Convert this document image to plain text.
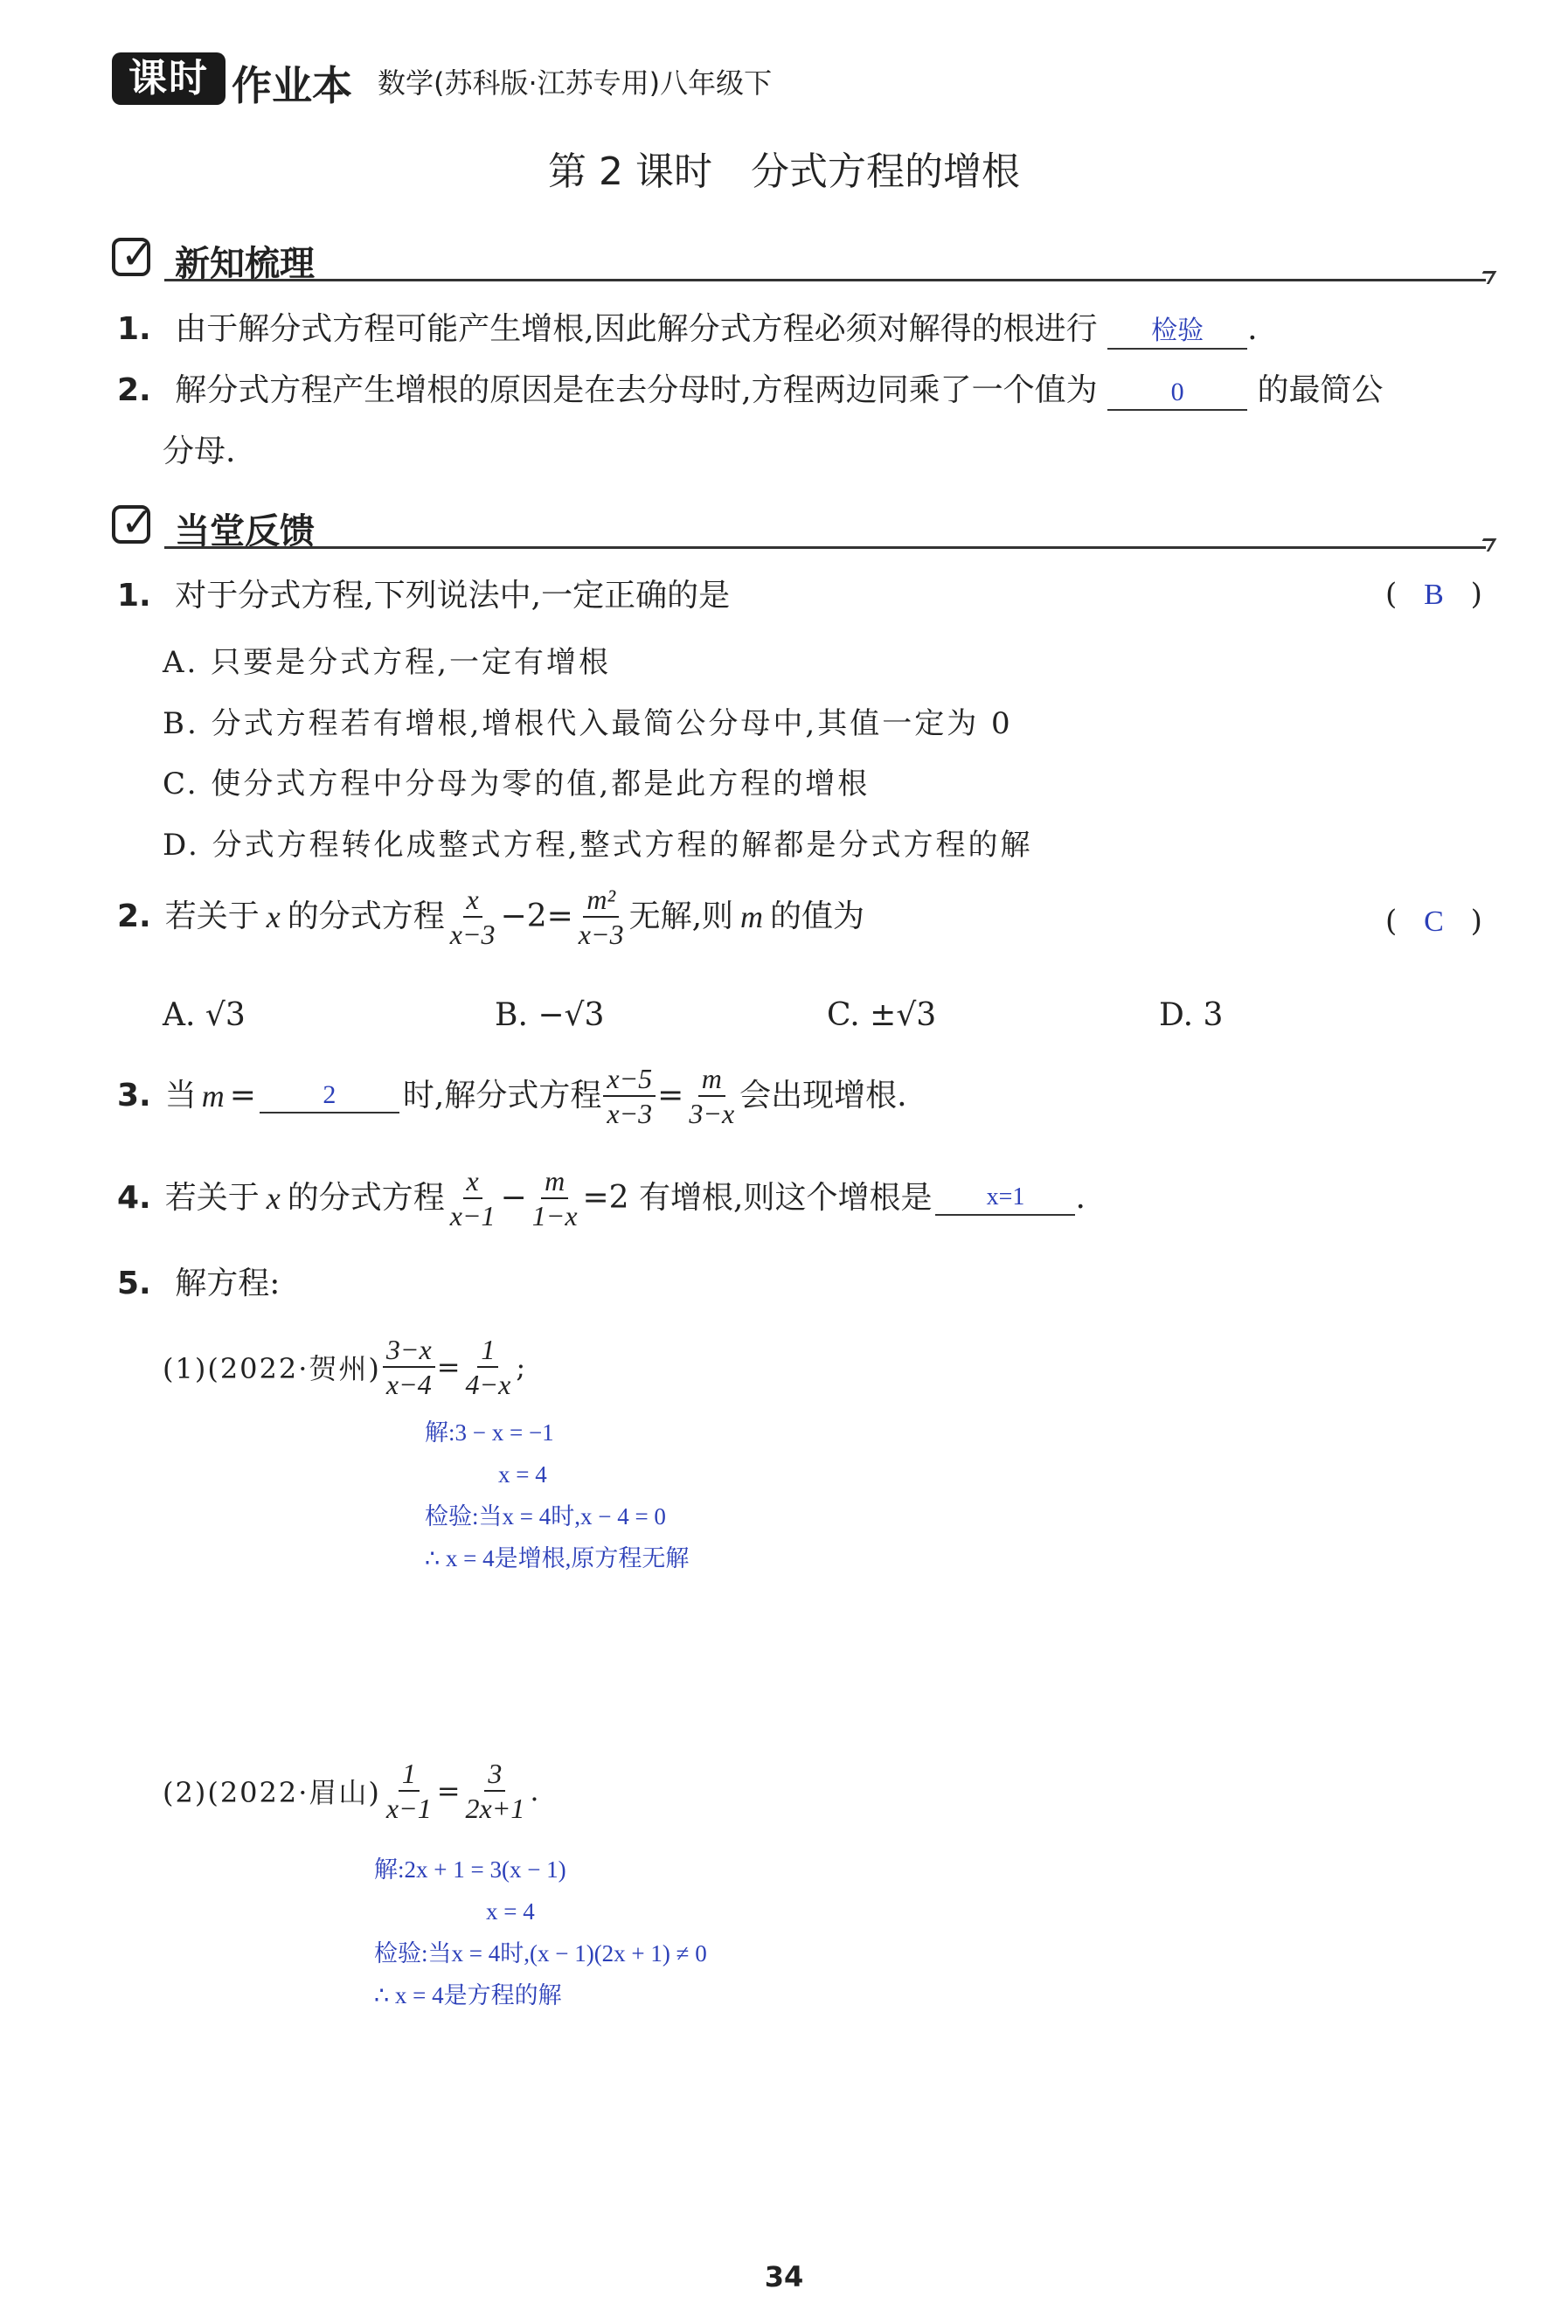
课时 作业本 数学(苏科版·江苏专用)八年级下
第 2 课时　分式方程的增根
✓ 新知梳理
1. 由于解分式方程可能产生增根,因此解分式方程必须对解得的根进行 检验 .
2. 解分式方程产生增根的原因是在去分母时,方程两边同乘了一个值为	0 的最简公
分母.
✓ 当堂反馈
1. 对于分式方程,下列说法中,一定正确的是	( B )
A. 只要是分式方程,一定有增根
B. 分式方程若有增根,增根代入最简公分母中,其值一定为 0
C. 使分式方程中分母为零的值,都是此方程的增根
D. 分式方程转化成整式方程,整式方程的解都是分式方程的解
2. 若关于 x 的分式方程 $\frac{x}{x-3} -2= \frac{\text{m²}}{x-3}$ 无解,则 m 的值为	( C )
A. √3	B. −√3	C. ±√3	D. 3
3. 当 m =	2	时,解分式方程 $\frac{x-5}{x-3} = \frac{m}{3-x}$ 会出现增根.
4. 若关于 x 的分式方程 $\frac{x}{x-1} - \frac{m}{1-x} =2$ 有增根,则这个增根是	x=1	.
5. 解方程:
(1)(2022·贺州) $\frac{3-x}{x-4} = \frac{1}{4-x}$ ;
解:3 − x = −1
x = 4
检验:当x = 4时,x − 4 = 0
∴ x = 4是增根,原方程无解
(2)(2022·眉山) $\frac{1}{x-1} = \frac{3}{2x+1}$ .
解:2x + 1 = 3(x − 1)
x = 4
检验:当x = 4时,(x − 1)(2x + 1) ≠ 0
∴ x = 4是方程的解
34
